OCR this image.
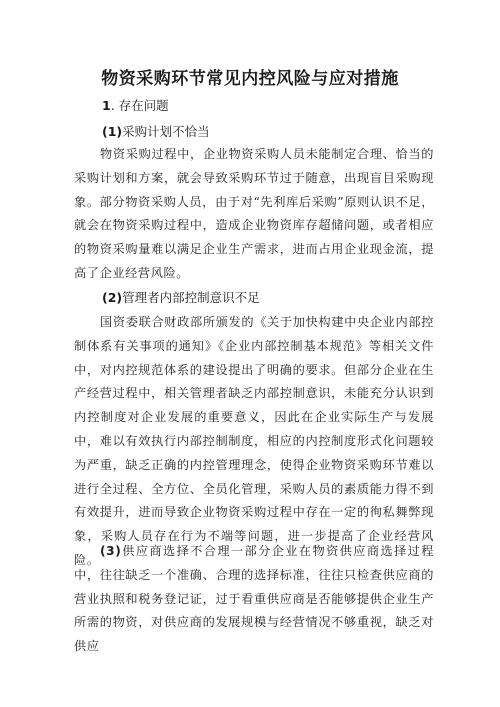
物资采购环节常见内控风险与应对措施
1. 存在问题
(1)采购计划不恰当
物资采购过程中，企业物资采购人员未能制定合理、恰当的采购计划和方案，就会导致采购环节过于随意，出现盲目采购现象。部分物资采购人员，由于对“先利库后采购”原则认识不足，就会在物资采购过程中，造成企业物资库存超储问题，或者相应的物资采购量难以满足企业生产需求，进而占用企业现金流，提高了企业经营风险。
(2)管理者内部控制意识不足
国资委联合财政部所颁发的《关于加快构建中央企业内部控制体系有关事项的通知》《企业内部控制基本规范》等相关文件中，对内控规范体系的建设提出了明确的要求。但部分企业在生产经营过程中，相关管理者缺乏内部控制意识，未能充分认识到内控制度对企业发展的重要意义，因此在企业实际生产与发展中，难以有效执行内部控制制度，相应的内控制度形式化问题较为严重，缺乏正确的内控管理理念，使得企业物资采购环节难以进行全过程、全方位、全员化管理，采购人员的素质能力得不到有效提升，进而导致企业物资采购过程中存在一定的徇私舞弊现象，采购人员存在行为不端等问题，进一步提高了企业经营风险。
(3)供应商选择不合理一部分企业在物资供应商选择过程中，往往缺乏一个准确、合理的选择标准，往往只检查供应商的营业执照和税务登记证，过于看重供应商是否能够提供企业生产所需的物资，对供应商的发展规模与经营情况不够重视，缺乏对供应
